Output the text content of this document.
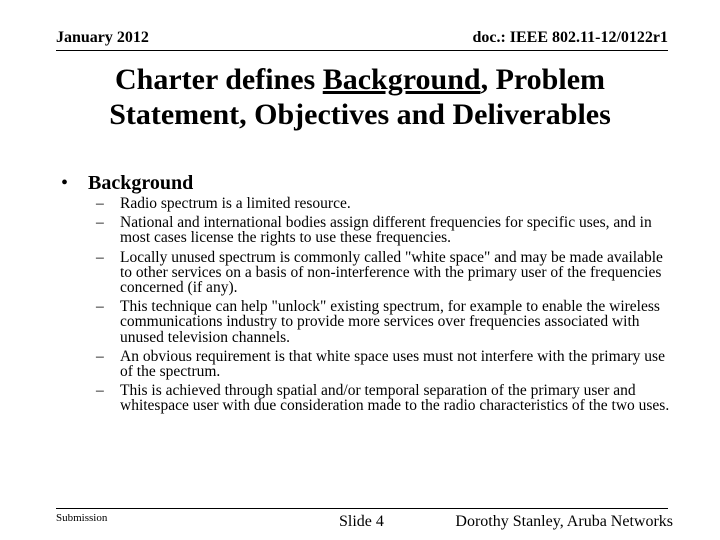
January 2012	doc.: IEEE 802.11-12/0122r1
Charter defines Background, Problem
Statement, Objectives and Deliverables
• Background
– Radio spectrum is a limited resource.
– National and international bodies assign different frequencies for specific uses, and in most cases license the rights to use these frequencies.
– Locally unused spectrum is commonly called "white space" and may be made available to other services on a basis of non-interference with the primary user of the frequencies concerned (if any).
– This technique can help "unlock" existing spectrum, for example to enable the wireless communications industry to provide more services over frequencies associated with unused television channels.
– An obvious requirement is that white space uses must not interfere with the primary use of the spectrum.
– This is achieved through spatial and/or temporal separation of the primary user and whitespace user with due consideration made to the radio characteristics of the two uses.
Submission	Slide 4	Dorothy Stanley, Aruba Networks
